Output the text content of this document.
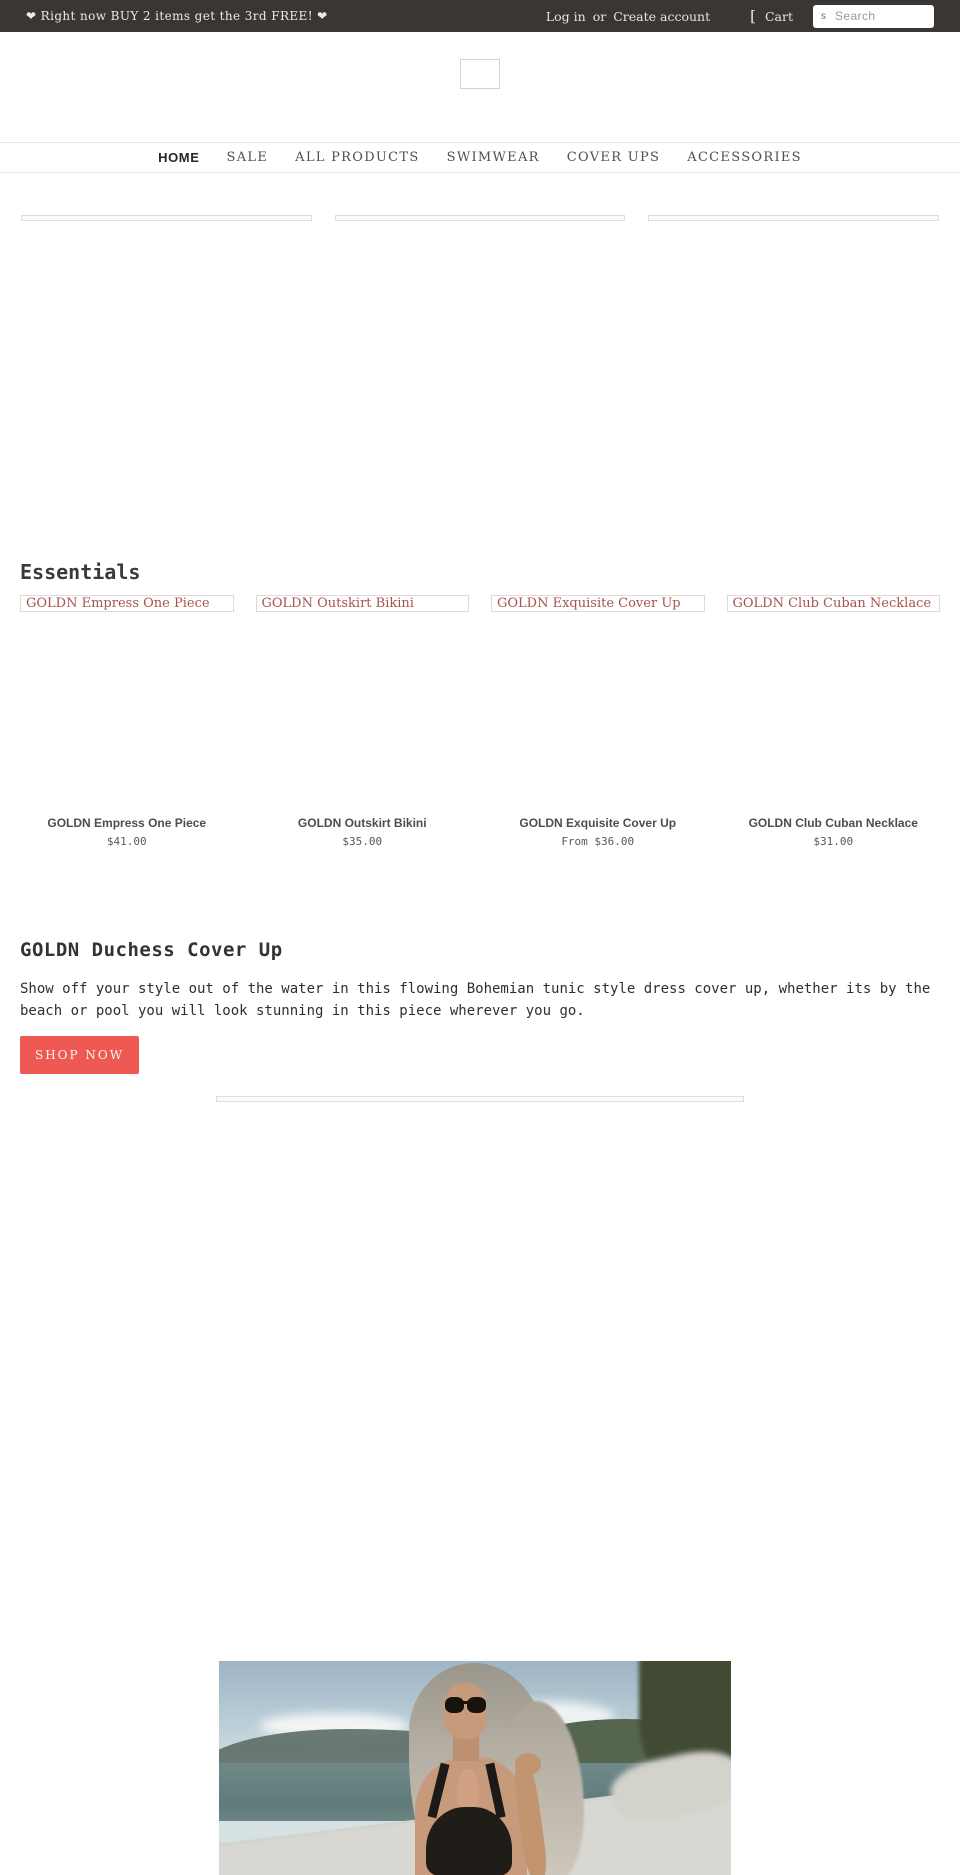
❤ Right now BUY 2 items get the 3rd FREE! ❤	Log in or Create account	[ Cart	s
Search
HOME SALE ALL PRODUCTS SWIMWEAR COVER UPS ACCESSORIES
Essentials
GOLDN Empress One Piece
GOLDN Empress One Piece
$41.00
GOLDN Outskirt Bikini
GOLDN Outskirt Bikini
$35.00
GOLDN Exquisite Cover Up
GOLDN Exquisite Cover Up
From $36.00
GOLDN Club Cuban Necklace
GOLDN Club Cuban Necklace
$31.00
GOLDN Duchess Cover Up

Show off your style out of the water in this flowing Bohemian tunic style dress cover up, whether its by the beach or pool you will look stunning in this piece wherever you go.

SHOP NOW
